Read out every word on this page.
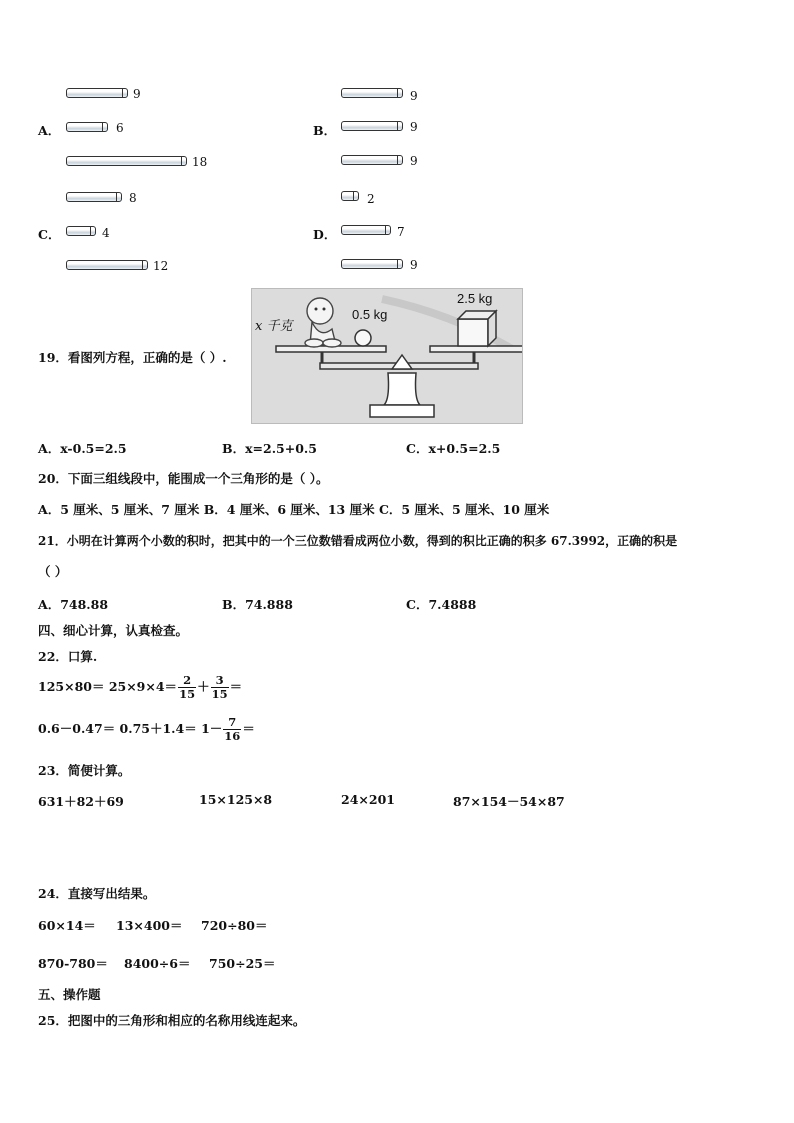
9
A．	6
18
9
B．	9
9
8
C．	4
12
2
D．	7
9
19．看图列方程，正确的是（ ）.
x 千克
0.5 kg
2.5 kg
A．x-0.5=2.5	B．x=2.5+0.5	C．x+0.5=2.5
20．下面三组线段中，能围成一个三角形的是（ ）。
A．5 厘米、5 厘米、7 厘米 B．4 厘米、6 厘米、13 厘米 C．5 厘米、5 厘米、10 厘米
21．小明在计算两个小数的积时，把其中的一个三位数错看成两位小数，得到的积比正确的积多 67.3992，正确的积是
（ ）
A．748.88	B．74.888	C．7.4888
四、细心计算，认真检查。
22．口算.
$125\times 80= 25\times 9\times 4= \frac{2}{15} + \frac{3}{15}$ ＝
$0.6-0.47= 0.75+1.4= 1- \frac{7}{16}$ ＝
23．简便计算。
631＋82＋69	15×125×8	24×201	87×154－54×87
24．直接写出结果。
60×14＝ 13×400＝ 720÷80＝
870-780＝ 8400÷6＝ 750÷25＝
五、操作题
25．把图中的三角形和相应的名称用线连起来。
